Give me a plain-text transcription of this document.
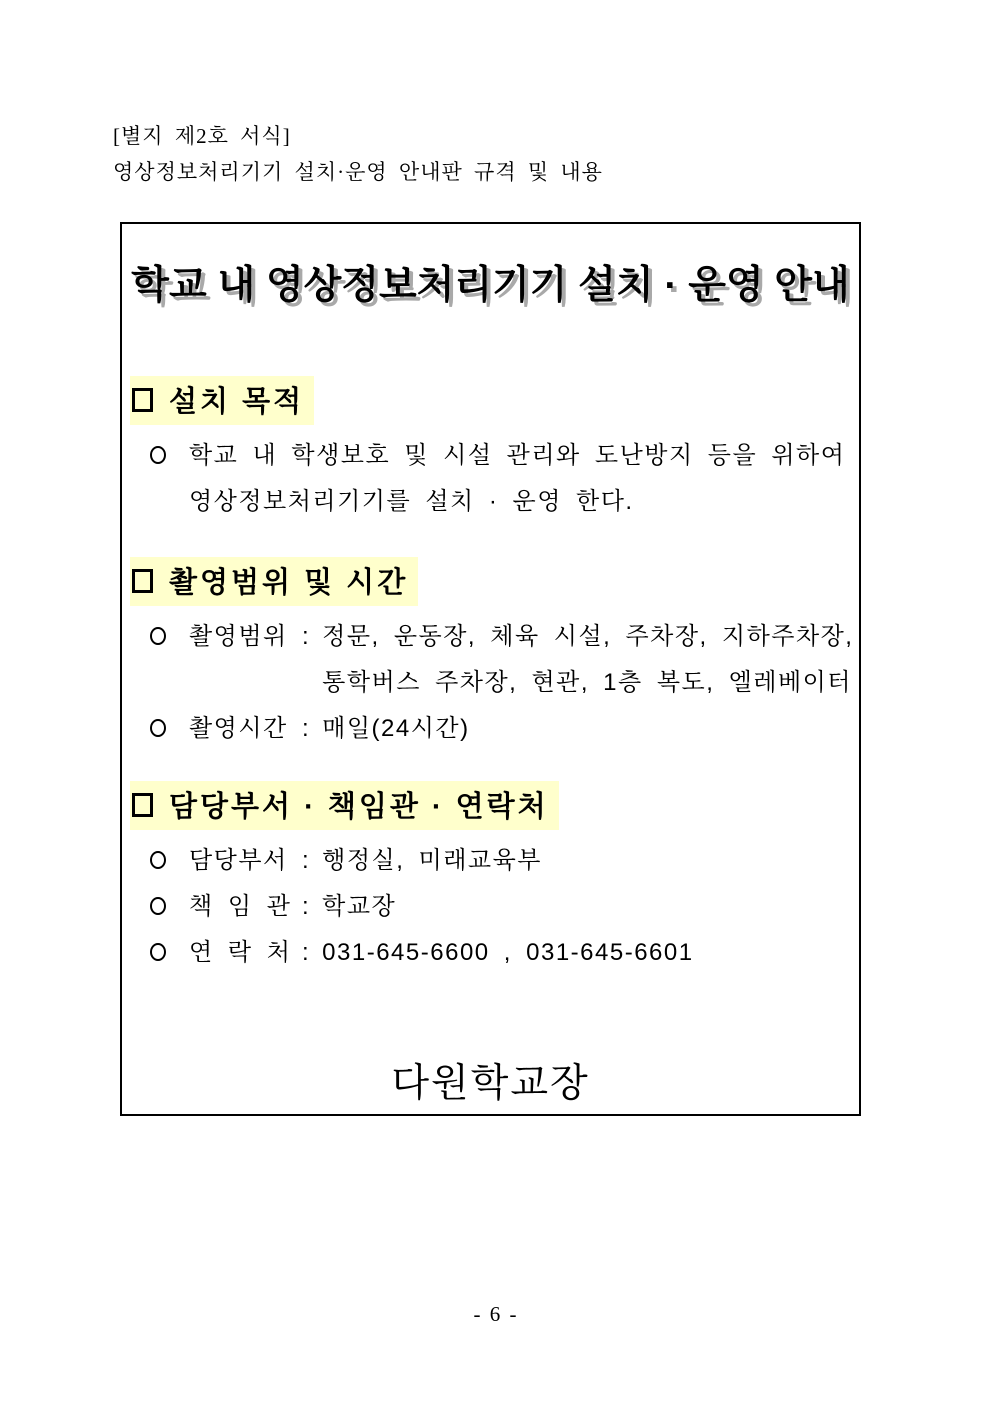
[별지 제2호 서식]
영상정보처리기기 설치·운영 안내판 규격 및 내용
학교 내 영상정보처리기기 설치 · 운영 안내
설치 목적
학교 내 학생보호 및 시설 관리와 도난방지 등을 위하여
영상정보처리기기를 설치 · 운영 한다.
촬영범위 및 시간
촬영범위 : 정문, 운동장, 체육 시설, 주차장, 지하주차장,
통학버스 주차장, 현관, 1층 복도, 엘레베이터
촬영시간 : 매일(24시간)
담당부서 · 책임관 · 연락처
담당부서 : 행정실, 미래교육부
책 임 관 : 학교장
연 락 처 : 031-645-6600 , 031-645-6601
다원학교장
- 6 -
